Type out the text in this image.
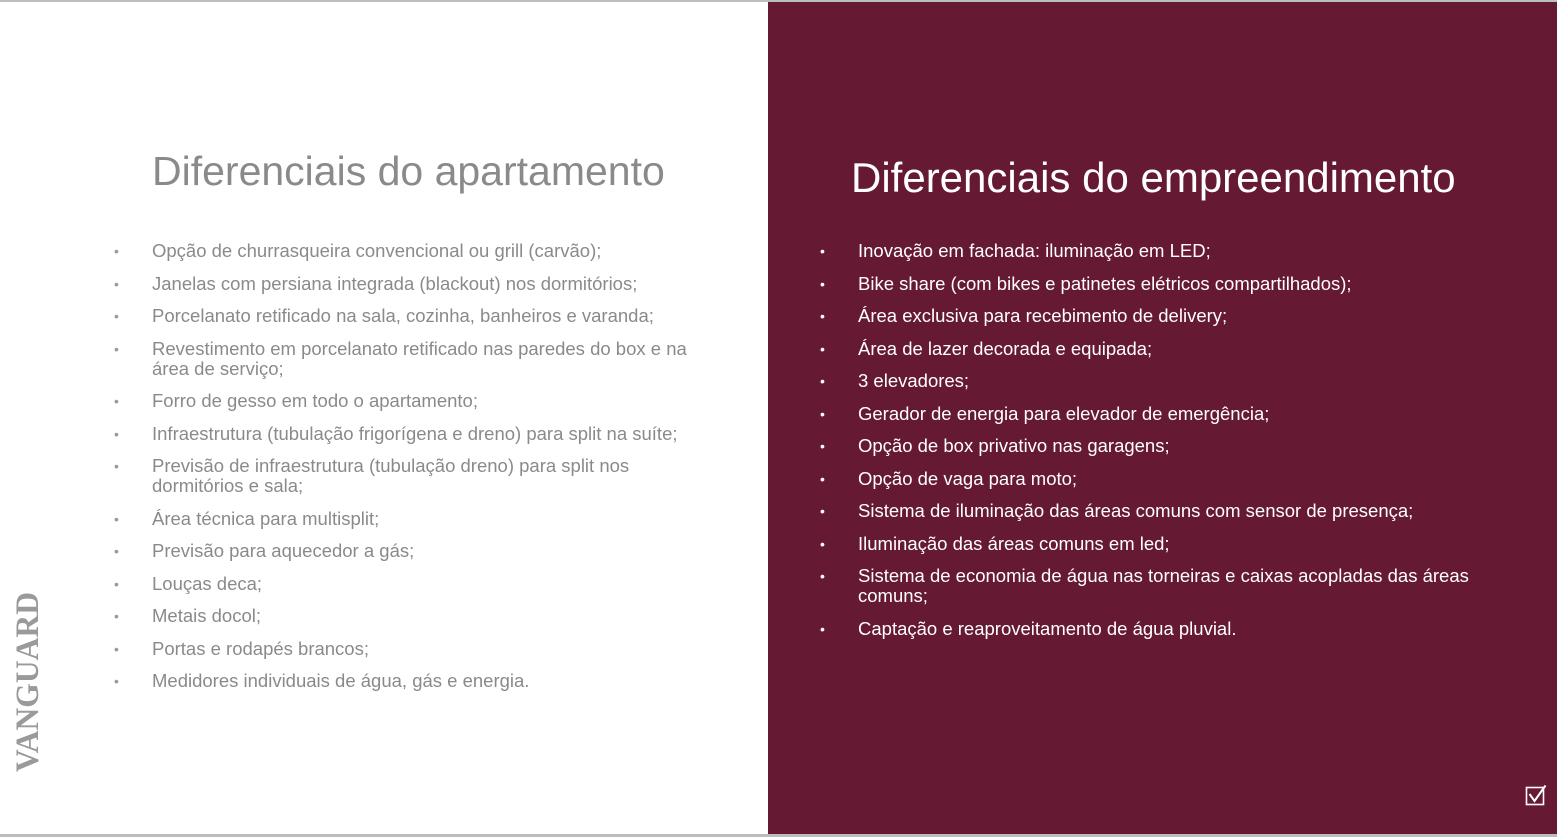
Diferenciais do apartamento
• Opção de churrasqueira convencional ou grill (carvão);
• Janelas com persiana integrada (blackout) nos dormitórios;
• Porcelanato retificado na sala, cozinha, banheiros e varanda;
• Revestimento em porcelanato retificado nas paredes do box e na área de serviço;
• Forro de gesso em todo o apartamento;
• Infraestrutura (tubulação frigorígena e dreno) para split na suíte;
• Previsão de infraestrutura (tubulação dreno) para split nos dormitórios e sala;
• Área técnica para multisplit;
• Previsão para aquecedor a gás;
• Louças deca;
• Metais docol;
• Portas e rodapés brancos;
• Medidores individuais de água, gás e energia.
VANGUARD
Diferenciais do empreendimento
• Inovação em fachada: iluminação em LED;
• Bike share (com bikes e patinetes elétricos compartilhados);
• Área exclusiva para recebimento de delivery;
• Área de lazer decorada e equipada;
• 3 elevadores;
• Gerador de energia para elevador de emergência;
• Opção de box privativo nas garagens;
• Opção de vaga para moto;
• Sistema de iluminação das áreas comuns com sensor de presença;
• Iluminação das áreas comuns em led;
• Sistema de economia de água nas torneiras e caixas acopladas das áreas comuns;
• Captação e reaproveitamento de água pluvial.
